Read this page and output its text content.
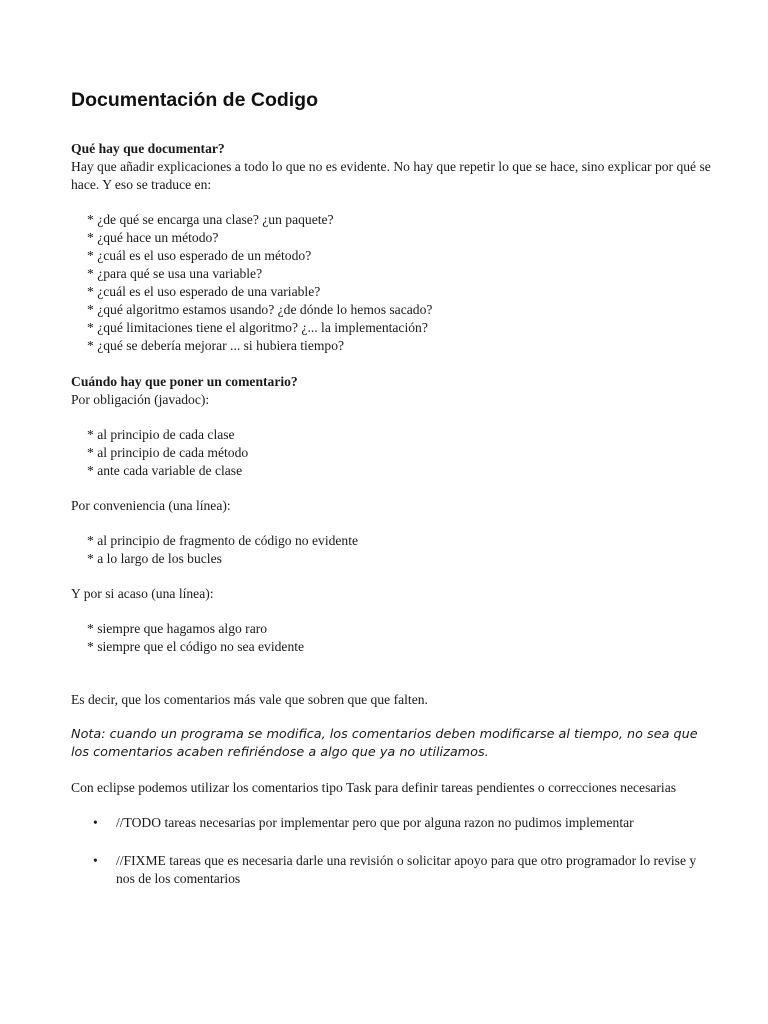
Documentación de Codigo

Qué hay que documentar?

Hay que añadir explicaciones a todo lo que no es evidente. No hay que repetir lo que se hace, sino explicar por qué se hace. Y eso se traduce en:

* ¿de qué se encarga una clase? ¿un paquete?
* ¿qué hace un método?
* ¿cuál es el uso esperado de un método?
* ¿para qué se usa una variable?
* ¿cuál es el uso esperado de una variable?
* ¿qué algoritmo estamos usando? ¿de dónde lo hemos sacado?
* ¿qué limitaciones tiene el algoritmo? ¿... la implementación?
* ¿qué se debería mejorar ... si hubiera tiempo?

Cuándo hay que poner un comentario?

Por obligación (javadoc):

* al principio de cada clase
* al principio de cada método
* ante cada variable de clase

Por conveniencia (una línea):

* al principio de fragmento de código no evidente
* a lo largo de los bucles

Y por si acaso (una línea):

* siempre que hagamos algo raro
* siempre que el código no sea evidente

Es decir, que los comentarios más vale que sobren que que falten.

Nota: cuando un programa se modifica, los comentarios deben modificarse al tiempo, no sea que los comentarios acaben refiriéndose a algo que ya no utilizamos.

Con eclipse podemos utilizar los comentarios tipo Task para definir tareas pendientes o correcciones necesarias

• //TODO tareas necesarias por implementar pero que por alguna razon no pudimos implementar
• //FIXME tareas que es necesaria darle una revisión o solicitar apoyo para que otro programador lo revise y nos de los comentarios
